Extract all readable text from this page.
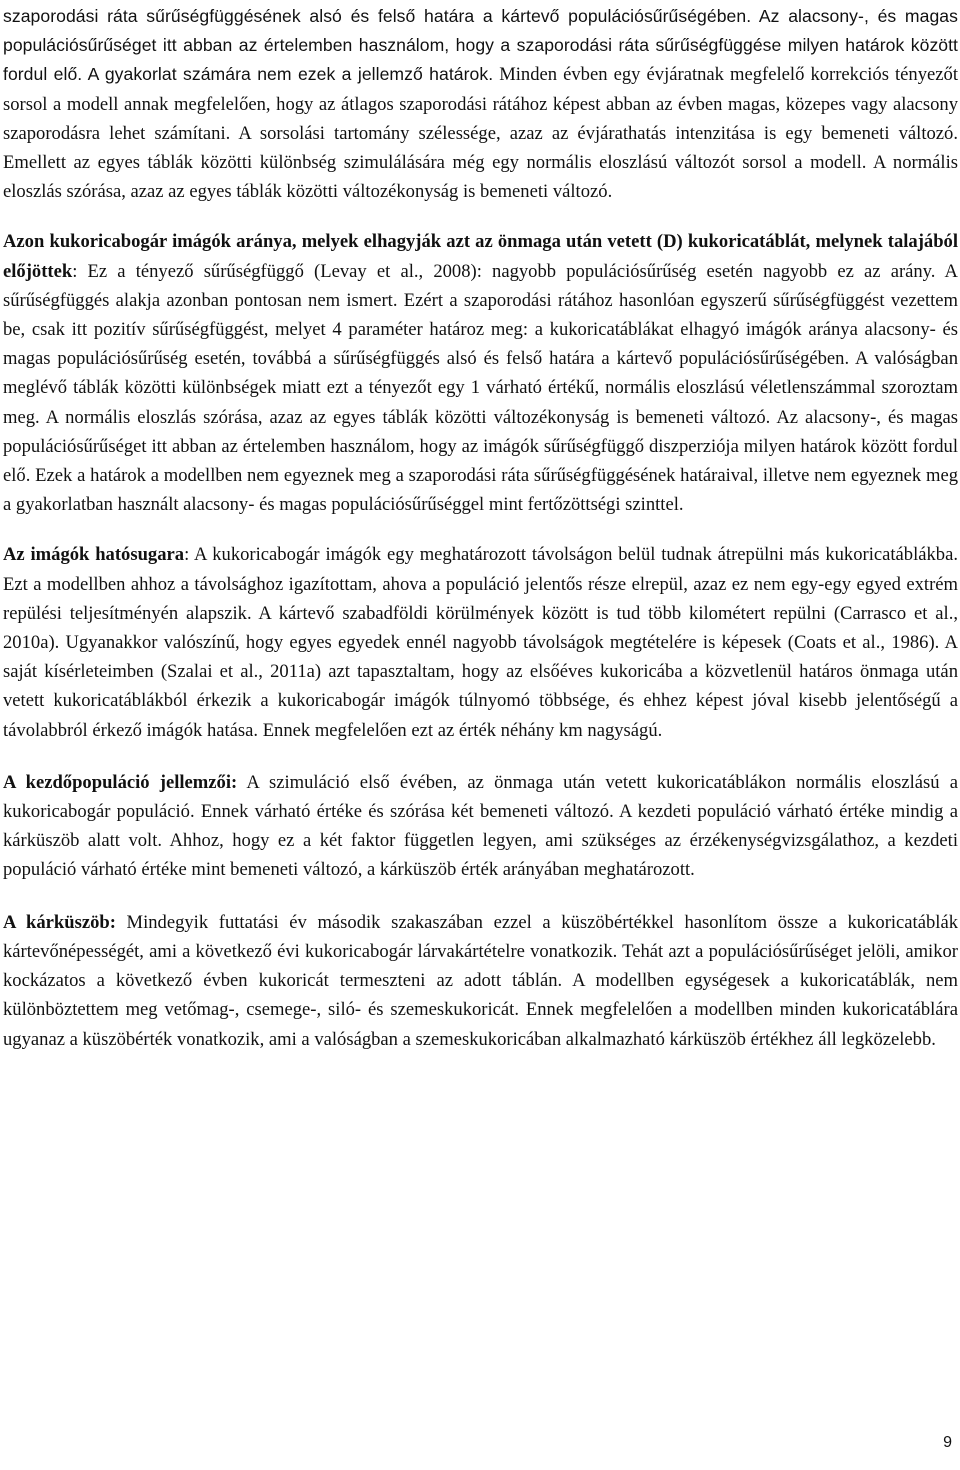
szaporodási ráta sűrűségfüggésének alsó és felső határa a kártevő populációsűrűségében. Az alacsony-, és magas populációsűrűséget itt abban az értelemben használom, hogy a szaporodási ráta sűrűségfüggése milyen határok között fordul elő. A gyakorlat számára nem ezek a jellemző határok. Minden évben egy évjáratnak megfelelő korrekciós tényezőt sorsol a modell annak megfelelően, hogy az átlagos szaporodási rátához képest abban az évben magas, közepes vagy alacsony szaporodásra lehet számítani. A sorsolási tartomány szélessége, azaz az évjárathatás intenzitása is egy bemeneti változó. Emellett az egyes táblák közötti különbség szimulálására még egy normális eloszlású változót sorsol a modell. A normális eloszlás szórása, azaz az egyes táblák közötti változékonyság is bemeneti változó.

Azon kukoricabogár imágók aránya, melyek elhagyják azt az önmaga után vetett (D) kukoricatáblát, melynek talajából előjöttek: Ez a tényező sűrűségfüggő (Levay et al., 2008): nagyobb populációsűrűség esetén nagyobb ez az arány. A sűrűségfüggés alakja azonban pontosan nem ismert. Ezért a szaporodási rátához hasonlóan egyszerű sűrűségfüggést vezettem be, csak itt pozitív sűrűségfüggést, melyet 4 paraméter határoz meg: a kukoricatáblákat elhagyó imágók aránya alacsony- és magas populációsűrűség esetén, továbbá a sűrűségfüggés alsó és felső határa a kártevő populációsűrűségében. A valóságban meglévő táblák közötti különbségek miatt ezt a tényezőt egy 1 várható értékű, normális eloszlású véletlenszámmal szoroztam meg. A normális eloszlás szórása, azaz az egyes táblák közötti változékonyság is bemeneti változó. Az alacsony-, és magas populációsűrűséget itt abban az értelemben használom, hogy az imágók sűrűségfüggő diszperziója milyen határok között fordul elő. Ezek a határok a modellben nem egyeznek meg a szaporodási ráta sűrűségfüggésének határaival, illetve nem egyeznek meg a gyakorlatban használt alacsony- és magas populációsűrűséggel mint fertőzöttségi szinttel.

Az imágók hatósugara: A kukoricabogár imágók egy meghatározott távolságon belül tudnak átrepülni más kukoricatáblákba. Ezt a modellben ahhoz a távolsághoz igazítottam, ahova a populáció jelentős része elrepül, azaz ez nem egy-egy egyed extrém repülési teljesítményén alapszik. A kártevő szabadföldi körülmények között is tud több kilométert repülni (Carrasco et al., 2010a). Ugyanakkor valószínű, hogy egyes egyedek ennél nagyobb távolságok megtételére is képesek (Coats et al., 1986). A saját kísérleteimben (Szalai et al., 2011a) azt tapasztaltam, hogy az elsőéves kukoricába a közvetlenül határos önmaga után vetett kukoricatáblákból érkezik a kukoricabogár imágók túlnyomó többsége, és ehhez képest jóval kisebb jelentőségű a távolabbról érkező imágók hatása. Ennek megfelelően ezt az érték néhány km nagyságú.

A kezdőpopuláció jellemzői: A szimuláció első évében, az önmaga után vetett kukoricatáblákon normális eloszlású a kukoricabogár populáció. Ennek várható értéke és szórása két bemeneti változó. A kezdeti populáció várható értéke mindig a kárküszöb alatt volt. Ahhoz, hogy ez a két faktor független legyen, ami szükséges az érzékenységvizsgálathoz, a kezdeti populáció várható értéke mint bemeneti változó, a kárküszöb érték arányában meghatározott.

A kárküszöb: Mindegyik futtatási év második szakaszában ezzel a küszöbértékkel hasonlítom össze a kukoricatáblák kártevőnépességét, ami a következő évi kukoricabogár lárvakártételre vonatkozik. Tehát azt a populációsűrűséget jelöli, amikor kockázatos a következő évben kukoricát termeszteni az adott táblán. A modellben egységesek a kukoricatáblák, nem különböztettem meg vetőmag-, csemege-, siló- és szemeskukoricát. Ennek megfelelően a modellben minden kukoricatáblára ugyanaz a küszöbérték vonatkozik, ami a valóságban a szemeskukoricában alkalmazható kárküszöb értékhez áll legközelebb.

9
